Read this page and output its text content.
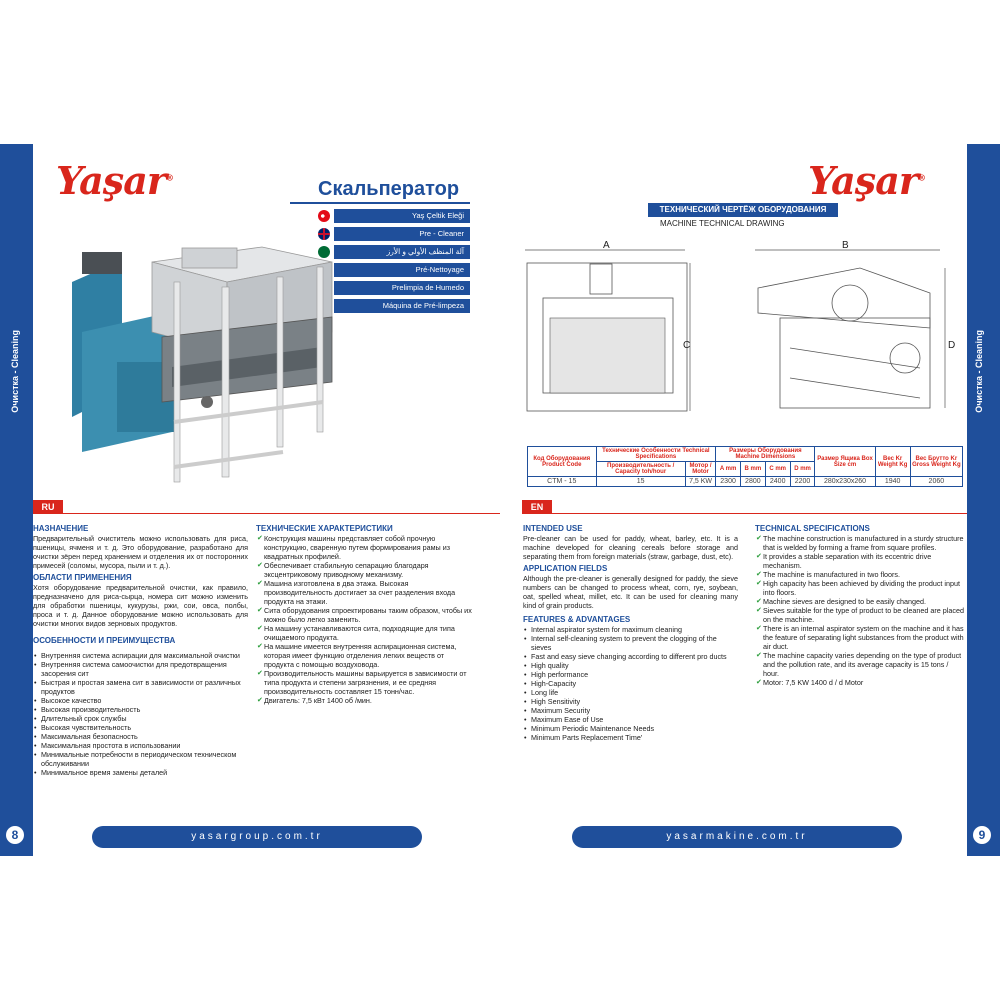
Очистка - Cleaning	Очистка - Cleaning
Yaşar®	Yaşar®
Скальператор
Yaş Çeltik Eleği
Pre - Cleaner
آلة المنظف الأولي و الأرز
Pré-Nettoyage
Prelimpia de Humedo
Máquina de Pré-limpeza
ТЕХНИЧЕСКИЙ ЧЕРТЁЖ ОБОРУДОВАНИЯ
MACHINE TECHNICAL DRAWING
A
C
B
D
Код Оборудования Product Code	Технические Особенности Technical Specifications		Размеры Оборудования Machine Dimensions				Размер Ящика Box Size cm	Вес Kr Weight Kg	Вес Брутто Kr Gross Weight Kg
	Производительность / Capacity toh/hour	Мотор / Motor	A mm	B mm	C mm	D mm			
CTM - 15	15	7,5 KW	2300	2800	2400	2200	280x230x260	1940	2060
RU	EN
НАЗНАЧЕНИЕ

Предварительный очиститель можно использовать для риса, пшеницы, ячменя и т. д. Это оборудование, разработано для очистки зёрен перед хранением и отделения их от посторонних примесей (соломы, мусора, пыли и т. д.).

ОБЛАСТИ ПРИМЕНЕНИЯ

Хотя оборудование предварительной очистки, как правило, предназначено для риса-сырца, номера сит можно изменить для обработки пшеницы, кукурузы, ржи, сои, овса, полбы, проса и т. д. Данное оборудование можно использовать для очистки многих видов зерновых продуктов.

ОСОБЕННОСТИ И ПРЕИМУЩЕСТВА
• Внутренняя система аспирации для максимальной очистки
• Внутренняя система самоочистки для предотвращения засорения сит
• Быстрая и простая замена сит в зависимости от различных продуктов
• Высокое качество
• Высокая производительность
• Длительный срок службы
• Высокая чувствительность
• Максимальная безопасность
• Максимальная простота в использовании
• Минимальные потребности в периодическом техническом обслуживании
• Минимальное время замены деталей
ТЕХНИЧЕСКИЕ ХАРАКТЕРИСТИКИ
✔ Конструкция машины представляет собой прочную конструкцию, сваренную путем формирования рамы из квадратных профилей.
✔ Обеспечивает стабильную сепарацию благодаря эксцентриковому приводному механизму.
✔ Машина изготовлена в два этажа. Высокая производительность достигает за счет разделения входа продукта на этажи.
✔ Сита оборудования спроектированы таким образом, чтобы их можно было легко заменить.
✔ На машину устанавливаются сита, подходящие для типа очищаемого продукта.
✔ На машине имеется внутренняя аспирационная система, которая имеет функцию отделения легких веществ от продукта с помощью воздуховода.
✔ Производительность машины варьируется в зависимости от типа продукта и степени загрязнения, и ее средняя производительность составляет 15 тонн/час.
✔ Двигатель: 7,5 кВт 1400 об /мин.
INTENDED USE

Pre-cleaner can be used for paddy, wheat, barley, etc. It is a machine developed for cleaning cereals before storage and separating them from foreign materials (straw, garbage, dust, etc).

APPLICATION FIELDS

Although the pre-cleaner is generally designed for paddy, the sieve numbers can be changed to process wheat, corn, rye, soybean, oat, spelled wheat, millet, etc. It can be used for cleaning many kind of grain products.

FEATURES & ADVANTAGES
• Internal aspirator system for maximum cleaning
• Internal self-cleaning system to prevent the clogging of the sieves
• Fast and easy sieve changing according to different pro ducts
• High quality
• High performance
• High-Capacity
• Long life
• High Sensitivity
• Maximum Security
• Maximum Ease of Use
• Minimum Periodic Maintenance Needs
• Minimum Parts Replacement Time'
TECHNICAL SPECIFICATIONS
✔ The machine construction is manufactured in a sturdy structure that is welded by forming a frame from square profiles.
✔ It provides a stable separation with its eccentric drive mechanism.
✔ The machine is manufactured in two floors.
✔ High capacity has been achieved by dividing the product input into floors.
✔ Machine sieves are designed to be easily changed.
✔ Sieves suitable for the type of product to be cleaned are placed on the machine.
✔ There is an internal aspirator system on the machine and it has the feature of separating light substances from the product with air duct.
✔ The machine capacity varies depending on the type of product and the pollution rate, and its average capacity is 15 tons / hour.
✔ Motor: 7,5 KW 1400 d / d Motor
yasargroup.com.tr	yasarmakine.com.tr
8	9
